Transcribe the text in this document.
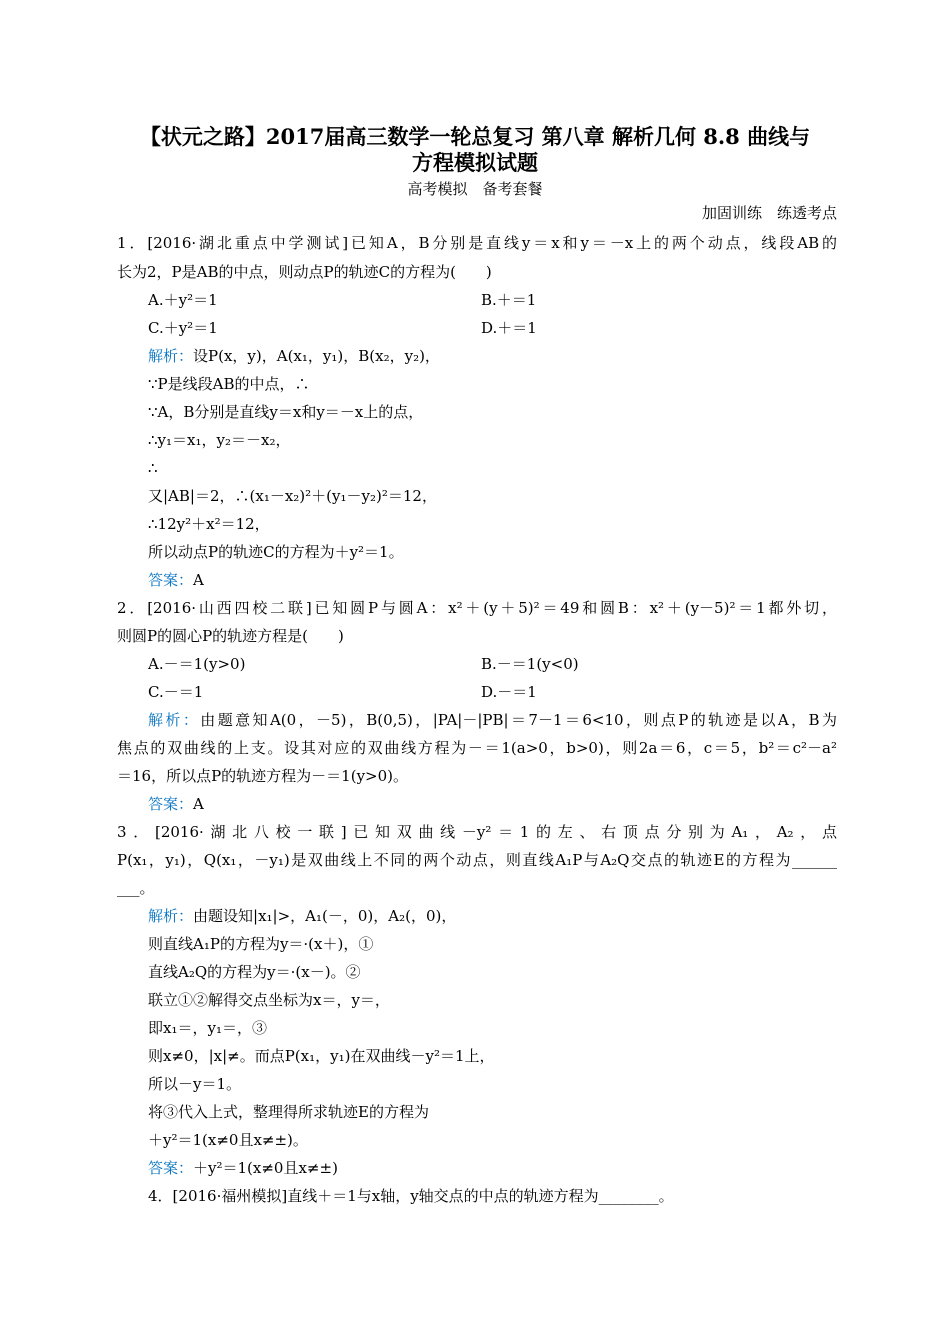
【状元之路】2017届高三数学一轮总复习 第八章 解析几何 8.8 曲线与
方程模拟试题
高考模拟　备考套餐
加固训练　练透考点
1．[2016·湖北重点中学测试]已知A，B分别是直线y＝x和y＝－x上的两个动点，线段AB的
长为2，P是AB的中点，则动点P的轨迹C的方程为(　　)
A.＋y²＝1	B.＋＝1
C.＋y²＝1	D.＋＝1
解析：设P(x，y)，A(x₁，y₁)，B(x₂，y₂)，
∵P是线段AB的中点，∴
∵A，B分别是直线y＝x和y＝－x上的点，
∴y₁＝x₁，y₂＝－x₂，
∴
又|AB|＝2，∴(x₁－x₂)²＋(y₁－y₂)²＝12，
∴12y²＋x²＝12，
所以动点P的轨迹C的方程为＋y²＝1。
答案：A
2．[2016·山西四校二联]已知圆P与圆A：x²＋(y＋5)²＝49和圆B：x²＋(y－5)²＝1都外切，
则圆P的圆心P的轨迹方程是(　　)
A.－＝1(y>0)	B.－＝1(y<0)
C.－＝1	D.－＝1
解析：由题意知A(0，－5)，B(0,5)，|PA|－|PB|＝7－1＝6<10，则点P的轨迹是以A，B为
焦点的双曲线的上支。设其对应的双曲线方程为－＝1(a>0，b>0)，则2a＝6，c＝5，b²＝c²－a²
＝16，所以点P的轨迹方程为－＝1(y>0)。
答案：A
3．[2016·湖北八校一联]已知双曲线－y²＝1的左、右顶点分别为A₁，A₂，点
P(x₁，y₁)，Q(x₁，－y₁)是双曲线上不同的两个动点，则直线A₁P与A₂Q交点的轨迹E的方程为______
___。
解析：由题设知|x₁|>，A₁(－，0)，A₂(，0)，
则直线A₁P的方程为y＝·(x＋)，①
直线A₂Q的方程为y＝·(x－)。②
联立①②解得交点坐标为x＝，y＝，
即x₁＝，y₁＝，③
则x≠0，|x|≠。而点P(x₁，y₁)在双曲线－y²＝1上，
所以－y＝1。
将③代入上式，整理得所求轨迹E的方程为
＋y²＝1(x≠0且x≠±)。
答案：＋y²＝1(x≠0且x≠±)
4．[2016·福州模拟]直线＋＝1与x轴，y轴交点的中点的轨迹方程为________。
